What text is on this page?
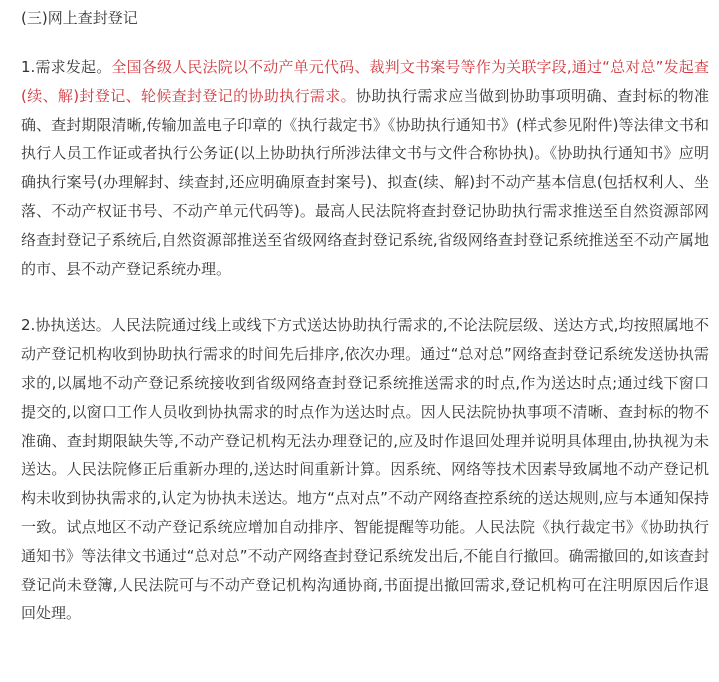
(三)网上查封登记

1.需求发起。全国各级人民法院以不动产单元代码、裁判文书案号等作为关联字段,通过“总对总”发起查(续、解)封登记、轮候查封登记的协助执行需求。协助执行需求应当做到协助事项明确、查封标的物准确、查封期限清晰,传输加盖电子印章的《执行裁定书》《协助执行通知书》(样式参见附件)等法律文书和执行人员工作证或者执行公务证(以上协助执行所涉法律文书与文件合称协执)。《协助执行通知书》应明确执行案号(办理解封、续查封,还应明确原查封案号)、拟查(续、解)封不动产基本信息(包括权利人、坐落、不动产权证书号、不动产单元代码等)。最高人民法院将查封登记协助执行需求推送至自然资源部网络查封登记子系统后,自然资源部推送至省级网络查封登记系统,省级网络查封登记系统推送至不动产属地的市、县不动产登记系统办理。

2.协执送达。人民法院通过线上或线下方式送达协助执行需求的,不论法院层级、送达方式,均按照属地不动产登记机构收到协助执行需求的时间先后排序,依次办理。通过“总对总”网络查封登记系统发送协执需求的,以属地不动产登记系统接收到省级网络查封登记系统推送需求的时点,作为送达时点;通过线下窗口提交的,以窗口工作人员收到协执需求的时点作为送达时点。因人民法院协执事项不清晰、查封标的物不准确、查封期限缺失等,不动产登记机构无法办理登记的,应及时作退回处理并说明具体理由,协执视为未送达。人民法院修正后重新办理的,送达时间重新计算。因系统、网络等技术因素导致属地不动产登记机构未收到协执需求的,认定为协执未送达。地方“点对点”不动产网络查控系统的送达规则,应与本通知保持一致。试点地区不动产登记系统应增加自动排序、智能提醒等功能。人民法院《执行裁定书》《协助执行通知书》等法律文书通过“总对总”不动产网络查封登记系统发出后,不能自行撤回。确需撤回的,如该查封登记尚未登簿,人民法院可与不动产登记机构沟通协商,书面提出撤回需求,登记机构可在注明原因后作退回处理。
